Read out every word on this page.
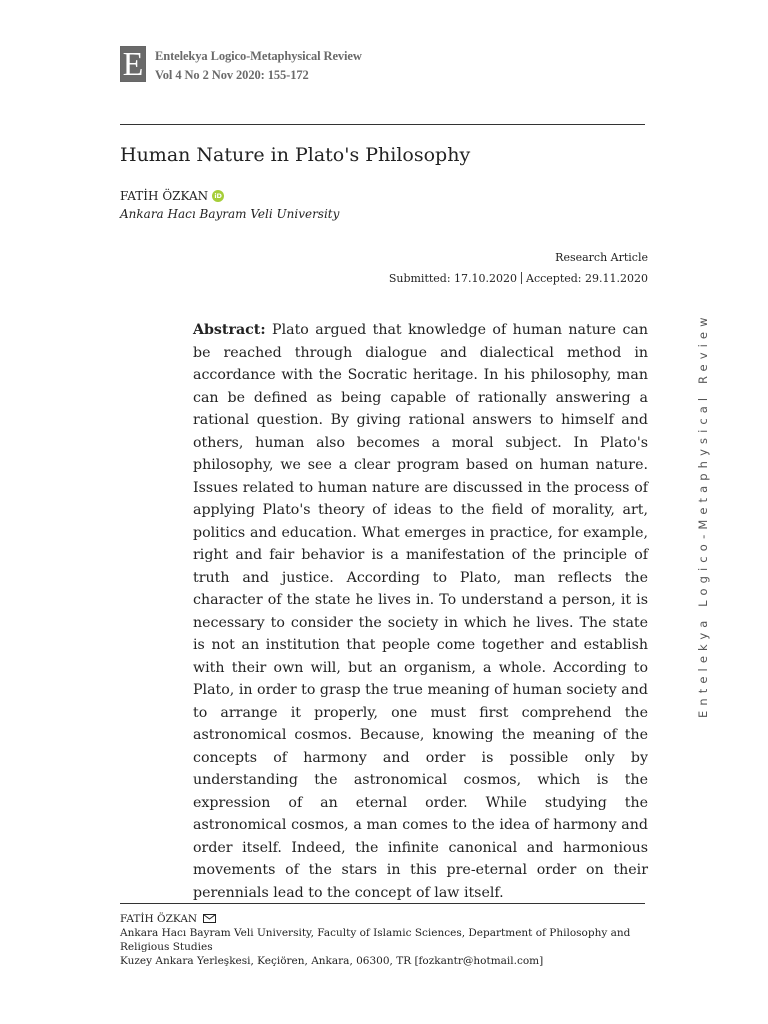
E Entelekya Logico-Metaphysical Review
Vol 4 No 2 Nov 2020: 155-172
Human Nature in Plato's Philosophy
FATİH ÖZKAN iD
Ankara Hacı Bayram Veli University
Research Article
Submitted: 17.10.2020 Accepted: 29.11.2020

Abstract: Plato argued that knowledge of human nature can be reached through dialogue and dialectical method in accordance with the Socratic heritage. In his philosophy, man can be defined as being capable of rationally answering a rational question. By giving rational answers to himself and others, human also becomes a moral subject. In Plato's philosophy, we see a clear program based on human nature. Issues related to human nature are discussed in the process of applying Plato's theory of ideas to the field of morality, art, politics and education. What emerges in practice, for example, right and fair behavior is a manifestation of the principle of truth and justice. According to Plato, man reflects the character of the state he lives in. To understand a person, it is necessary to consider the society in which he lives. The state is not an institution that people come together and establish with their own will, but an organism, a whole. According to Plato, in order to grasp the true meaning of human society and to arrange it properly, one must first comprehend the astronomical cosmos. Because, knowing the meaning of the concepts of harmony and order is possible only by understanding the astronomical cosmos, which is the expression of an eternal order. While studying the astronomical cosmos, a man comes to the idea of harmony and order itself. Indeed, the infinite canonical and harmonious movements of the stars in this pre-eternal order on their perennials lead to the concept of law itself.

Entelekya Logico-Metaphysical Review
FATİH ÖZKAN
Ankara Hacı Bayram Veli University, Faculty of Islamic Sciences, Department of Philosophy and Religious Studies
Kuzey Ankara Yerleşkesi, Keçiören, Ankara, 06300, TR [fozkantr@hotmail.com]
